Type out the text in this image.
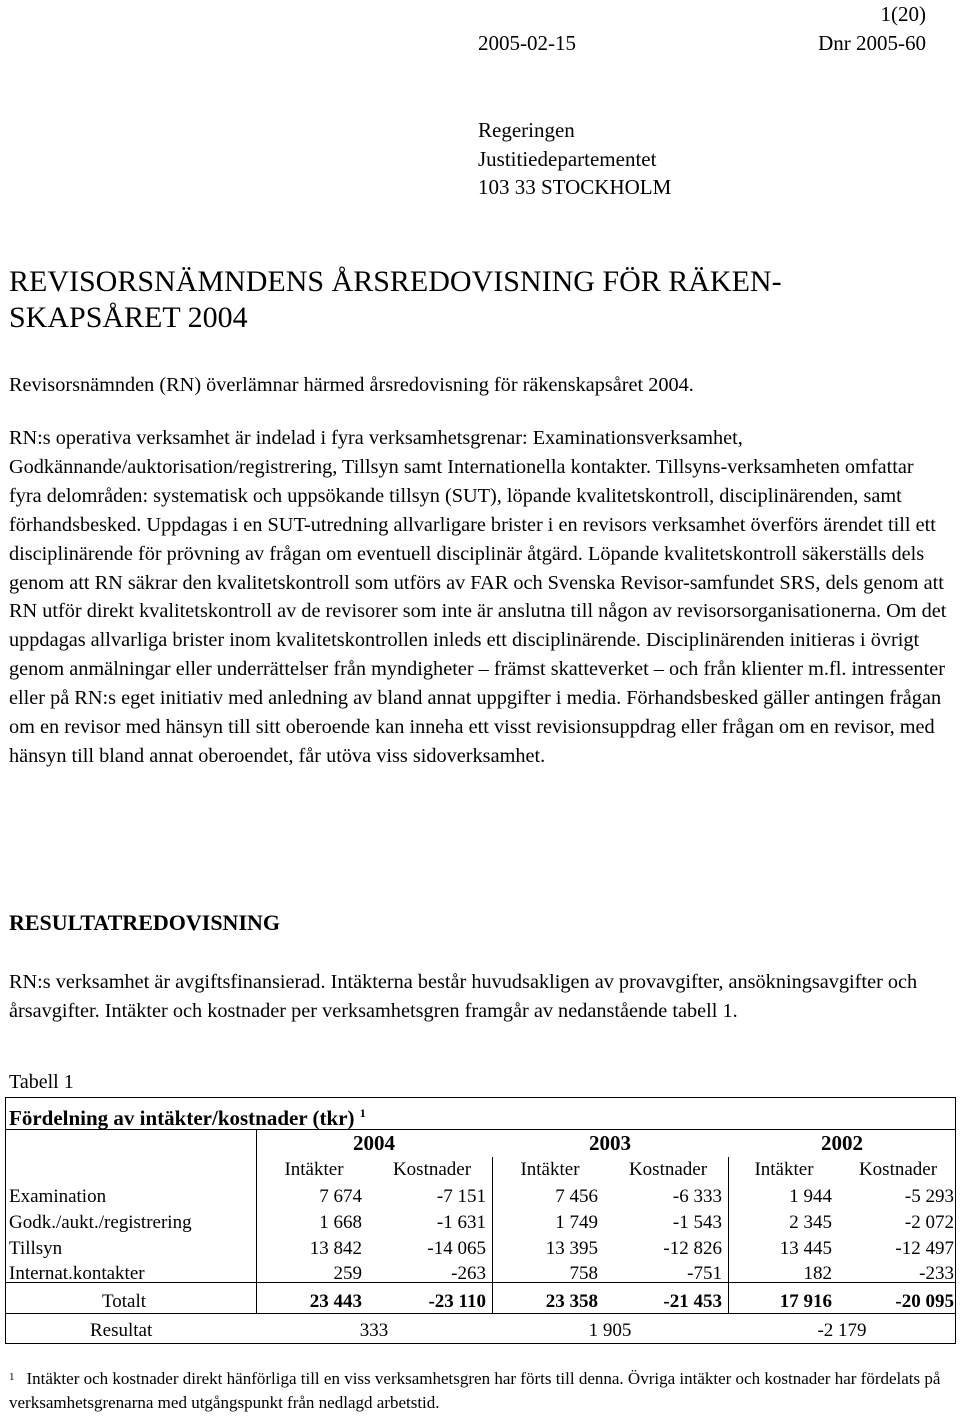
1(20)
2005-02-15	Dnr 2005-60
Regeringen
Justitiedepartementet
103 33 STOCKHOLM
REVISORSNÄMNDENS ÅRSREDOVISNING FÖR RÄKEN-
SKAPSÅRET 2004
Revisorsnämnden (RN) överlämnar härmed årsredovisning för räkenskapsåret 2004.
RN:s operativa verksamhet är indelad i fyra verksamhetsgrenar: Examinationsverksamhet, Godkännande/auktorisation/registrering, Tillsyn samt Internationella kontakter. Tillsyns-verksamheten omfattar fyra delområden: systematisk och uppsökande tillsyn (SUT), löpande kvalitetskontroll, disciplinärenden, samt förhandsbesked. Uppdagas i en SUT-utredning allvarligare brister i en revisors verksamhet överförs ärendet till ett disciplinärende för prövning av frågan om eventuell disciplinär åtgärd. Löpande kvalitetskontroll säkerställs dels genom att RN säkrar den kvalitetskontroll som utförs av FAR och Svenska Revisor-samfundet SRS, dels genom att RN utför direkt kvalitetskontroll av de revisorer som inte är anslutna till någon av revisorsorganisationerna. Om det uppdagas allvarliga brister inom kvalitetskontrollen inleds ett disciplinärende. Disciplinärenden initieras i övrigt genom anmälningar eller underrättelser från myndigheter – främst skatteverket – och från klienter m.fl. intressenter eller på RN:s eget initiativ med anledning av bland annat uppgifter i media. Förhandsbesked gäller antingen frågan om en revisor med hänsyn till sitt oberoende kan inneha ett visst revisionsuppdrag eller frågan om en revisor, med hänsyn till bland annat oberoendet, får utöva viss sidoverksamhet.
RESULTATREDOVISNING
RN:s verksamhet är avgiftsfinansierad. Intäkterna består huvudsakligen av provavgifter, ansökningsavgifter och årsavgifter. Intäkter och kostnader per verksamhetsgren framgår av nedanstående tabell 1.
Tabell 1
Fördelning av intäkter/kostnader (tkr) $^1$
2004	2003	2002
Intäkter	Kostnader	Intäkter	Kostnader	Intäkter	Kostnader
Examination	7 674	-7 151	7 456	-6 333	1 944	-5 293
Godk./aukt./registrering	1 668	-1 631	1 749	-1 543	2 345	-2 072
Tillsyn	13 842	-14 065	13 395	-12 826	13 445	-12 497
Internat.kontakter	259	-263	758	-751	182	-233
Totalt	23 443	-23 110	23 358	-21 453	17 916	-20 095
Resultat	333	1 905	-2 179
$^1$ Intäkter och kostnader direkt hänförliga till en viss verksamhetsgren har förts till denna. Övriga intäkter och kostnader har fördelats på verksamhetsgrenarna med utgångspunkt från nedlagd arbetstid.
